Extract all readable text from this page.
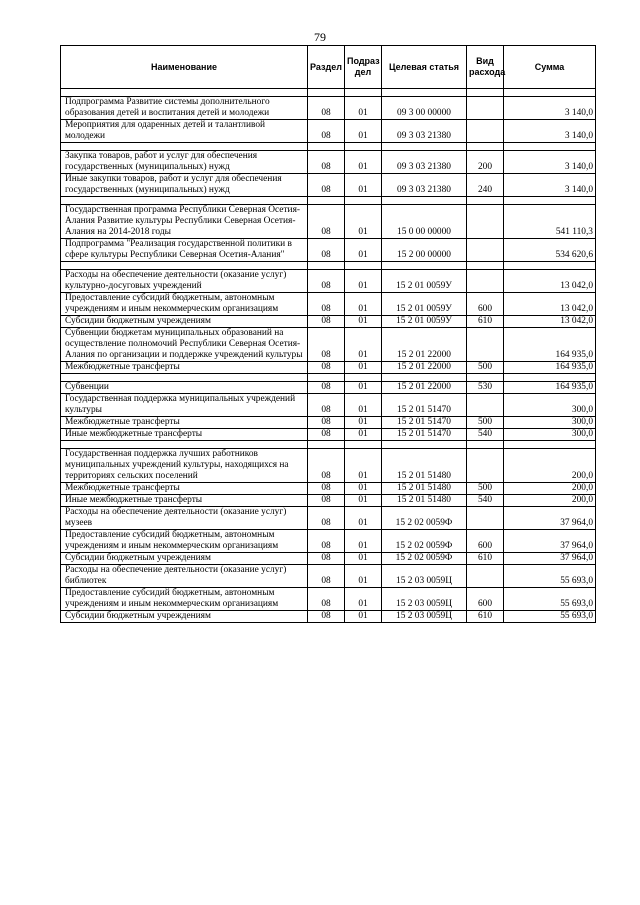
79
Наименование	Раздел	Подраз дел	Целевая статья	Вид расхода	Сумма

Подпрограмма Развитие системы дополнительного образования детей и воспитания детей и молодежи	08	01	09 3 00 00000		3 140,0
Мероприятия для одаренных детей и талантливой молодежи	08	01	09 3 03 21380		3 140,0

Закупка товаров, работ и услуг для обеспечения государственных (муниципальных) нужд	08	01	09 3 03 21380	200	3 140,0
Иные закупки товаров, работ и услуг для обеспечения государственных (муниципальных) нужд	08	01	09 3 03 21380	240	3 140,0

Государственная программа Республики Северная Осетия-Алания Развитие культуры Республики Северная Осетия-Алания на 2014-2018 годы	08	01	15 0 00 00000		541 110,3
Подпрограмма "Реализация государственной политики в сфере культуры Республики Северная Осетия-Алания"	08	01	15 2 00 00000		534 620,6

Расходы на обеспечение деятельности (оказание услуг) культурно-досуговых учреждений	08	01	15 2 01 0059У		13 042,0
Предоставление субсидий бюджетным, автономным учреждениям и иным некоммерческим организациям	08	01	15 2 01 0059У	600	13 042,0
Субсидии бюджетным учреждениям	08	01	15 2 01 0059У	610	13 042,0
Субвенции бюджетам муниципальных образований на осуществление полномочий Республики Северная Осетия-Алания по организации и поддержке учреждений культуры	08	01	15 2 01 22000		164 935,0
Межбюджетные трансферты	08	01	15 2 01 22000	500	164 935,0

Субвенции	08	01	15 2 01 22000	530	164 935,0
Государственная поддержка муниципальных учреждений культуры	08	01	15 2 01 51470		300,0
Межбюджетные трансферты	08	01	15 2 01 51470	500	300,0
Иные межбюджетные трансферты	08	01	15 2 01 51470	540	300,0

Государственная поддержка лучших работников муниципальных учреждений культуры, находящихся на территориях сельских поселений	08	01	15 2 01 51480		200,0
Межбюджетные трансферты	08	01	15 2 01 51480	500	200,0
Иные межбюджетные трансферты	08	01	15 2 01 51480	540	200,0
Расходы на обеспечение деятельности (оказание услуг) музеев	08	01	15 2 02 0059Ф		37 964,0
Предоставление субсидий бюджетным, автономным учреждениям и иным некоммерческим организациям	08	01	15 2 02 0059Ф	600	37 964,0
Субсидии бюджетным учреждениям	08	01	15 2 02 0059Ф	610	37 964,0
Расходы на обеспечение деятельности (оказание услуг) библиотек	08	01	15 2 03 0059Ц		55 693,0
Предоставление субсидий бюджетным, автономным учреждениям и иным некоммерческим организациям	08	01	15 2 03 0059Ц	600	55 693,0
Субсидии бюджетным учреждениям	08	01	15 2 03 0059Ц	610	55 693,0
